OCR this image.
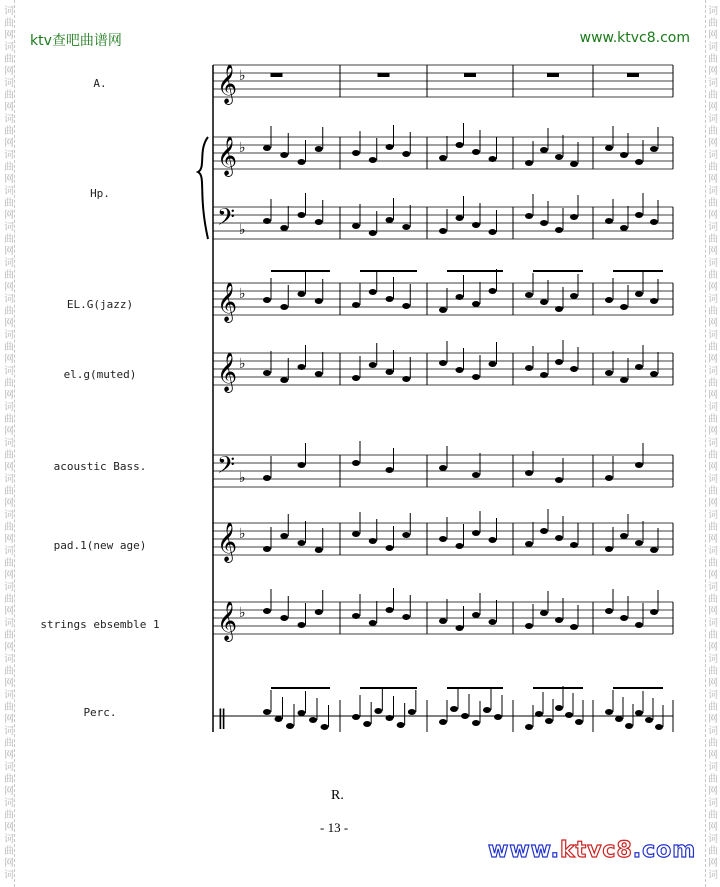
ktv查吧曲谱网	www.ktvc8.com
A.
Hp.
EL.G(jazz)
el.g(muted)
acoustic Bass.
pad.1(new age)
strings ebsemble 1
Perc.
𝄞 ♭
𝄞 ♭
𝄢 ♭
𝄞 ♭
𝄞 ♭
𝄢 ♭
𝄞 ♭
𝄞 ♭
‖
R.
- 13 -
www.ktvc8.com
词	词
曲	曲
网	网
词	词
曲	曲
网	网
词	词
曲	曲
网	网
词	词
曲	曲
网	网
词	词
曲	曲
网	网
词	词
曲	曲
网	网
词	词
曲	曲
网	网
词	词
曲	曲
网	网
词	词
曲	曲
网	网
词	词
曲	曲
网	网
词	词
曲	曲
网	网
词	词
曲	曲
网	网
词	词
曲	曲
网	网
词	词
曲	曲
网	网
词	词
曲	曲
网	网
词	词
曲	曲
网	网
词	词
曲	曲
网	网
词	词
曲	曲
网	网
词	词
曲	曲
网	网
词	词
曲	曲
网	网
词	词
曲	曲
网	网
词	词
曲	曲
网	网
词	词
曲	曲
网	网
词	词
曲	曲
网	网
词	词
